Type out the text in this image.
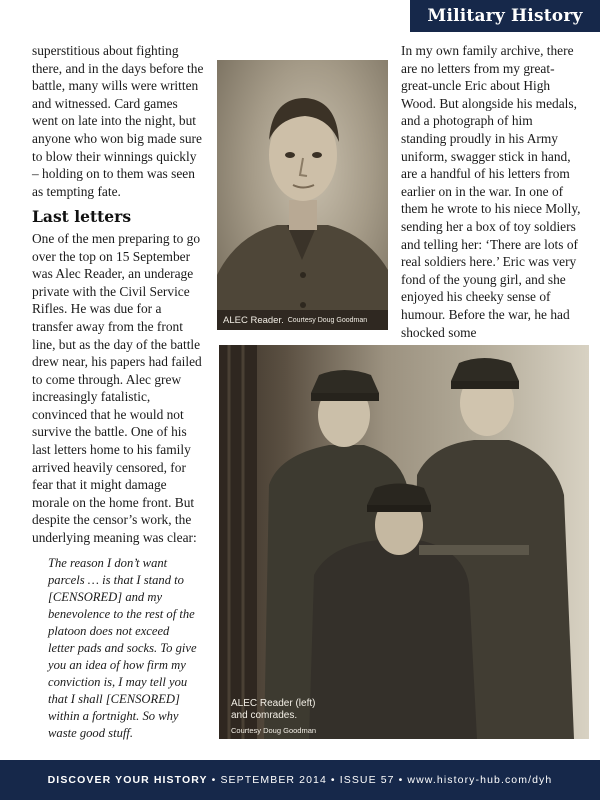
Military History

superstitious about fighting there, and in the days before the battle, many wills were written and witnessed. Card games went on late into the night, but anyone who won big made sure to blow their winnings quickly – holding on to them was seen as tempting fate.

Last letters

One of the men preparing to go over the top on 15 September was Alec Reader, an underage private with the Civil Service Rifles. He was due for a transfer away from the front line, but as the day of the battle drew near, his papers had failed to come through. Alec grew increasingly fatalistic, convinced that he would not survive the battle. One of his last letters home to his family arrived heavily censored, for fear that it might damage morale on the home front. But despite the censor’s work, the underlying meaning was clear:

The reason I don’t want parcels … is that I stand to [CENSORED] and my benevolence to the rest of the platoon does not exceed letter pads and socks. To give you an idea of how firm my conviction is, I may tell you that I shall [CENSORED] within a fortnight. So why waste good stuff.

ALEC Reader. Courtesy Doug Goodman

In my own family archive, there are no letters from my great-great-uncle Eric about High Wood. But alongside his medals, and a photograph of him standing proudly in his Army uniform, swagger stick in hand, are a handful of his letters from earlier on in the war. In one of them he wrote to his niece Molly, sending her a box of toy soldiers and telling her: ‘There are lots of real soldiers here.’ Eric was very fond of the young girl, and she enjoyed his cheeky sense of humour. Before the war, he had shocked some

ALEC Reader (left)
and comrades.
Courtesy Doug Goodman
DISCOVER YOUR HISTORY • SEPTEMBER 2014 • ISSUE 57 • www.history-hub.com/dyh
